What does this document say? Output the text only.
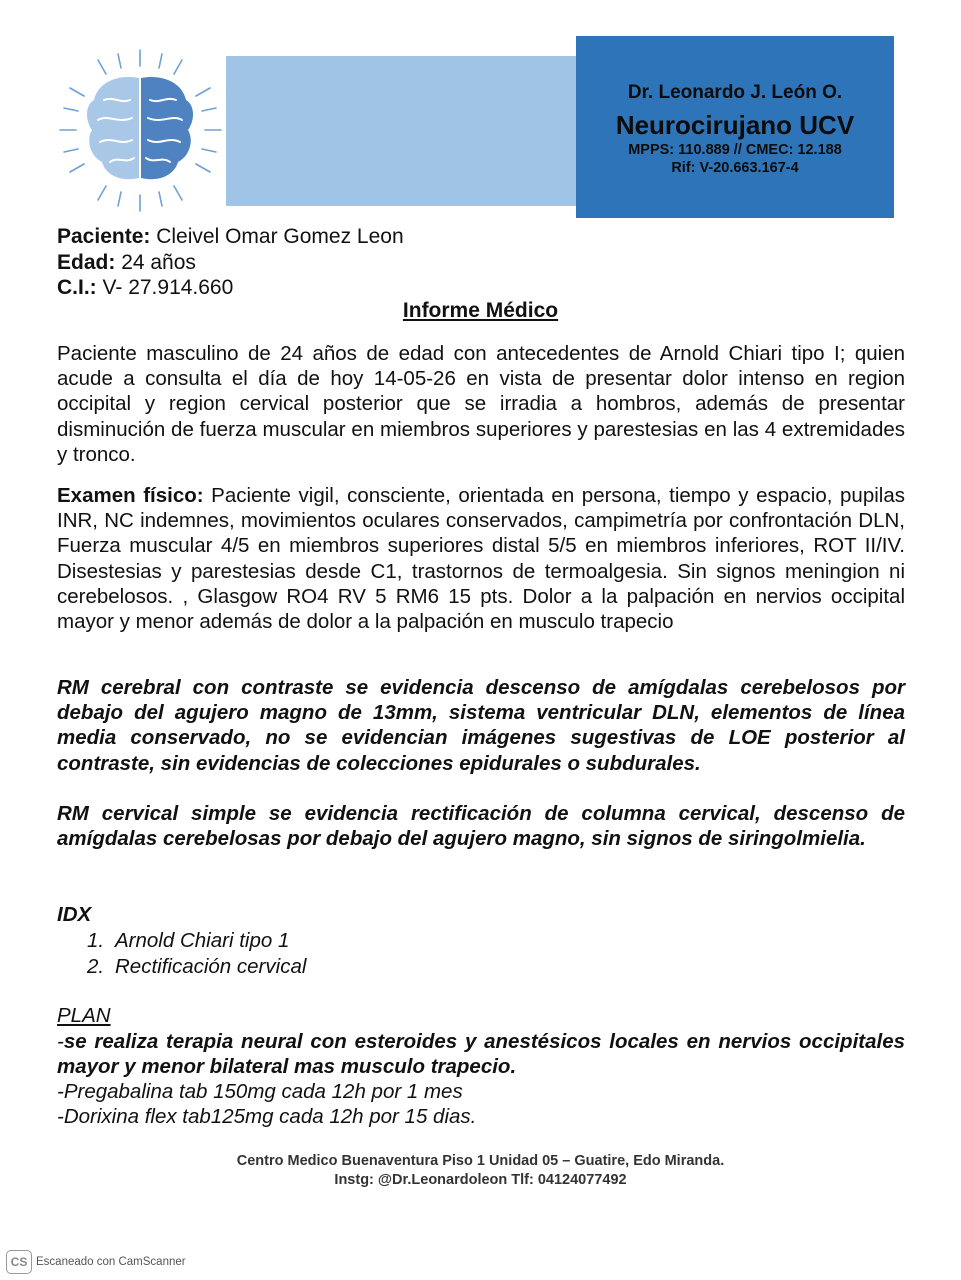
Dr. Leonardo J. León O.
Neurocirujano UCV
MPPS: 110.889 // CMEC: 12.188
Rif: V-20.663.167-4
Paciente: Cleivel Omar Gomez Leon
Edad: 24 años
C.I.: V- 27.914.660
Informe Médico

Paciente masculino de 24 años de edad con antecedentes de Arnold Chiari tipo I; quien acude a consulta el día de hoy 14-05-26 en vista de presentar dolor intenso en region occipital y region cervical posterior que se irradia a hombros, además de presentar disminución de fuerza muscular en miembros superiores y parestesias en las 4 extremidades y tronco.

Examen físico: Paciente vigil, consciente, orientada en persona, tiempo y espacio, pupilas INR, NC indemnes, movimientos oculares conservados, campimetría por confrontación DLN, Fuerza muscular 4/5 en miembros superiores distal 5/5 en miembros inferiores, ROT II/IV. Disestesias y parestesias desde C1, trastornos de termoalgesia. Sin signos meningion ni cerebelosos. , Glasgow RO4 RV 5 RM6 15 pts. Dolor a la palpación en nervios occipital mayor y menor además de dolor a la palpación en musculo trapecio

RM cerebral con contraste se evidencia descenso de amígdalas cerebelosos por debajo del agujero magno de 13mm, sistema ventricular DLN, elementos de línea media conservado, no se evidencian imágenes sugestivas de LOE posterior al contraste, sin evidencias de colecciones epidurales o subdurales.

RM cervical simple se evidencia rectificación de columna cervical, descenso de amígdalas cerebelosas por debajo del agujero magno, sin signos de siringolmielia.

IDX
1. Arnold Chiari tipo 1
2. Rectificación cervical
PLAN
-se realiza terapia neural con esteroides y anestésicos locales en nervios occipitales mayor y menor bilateral mas musculo trapecio.
-Pregabalina tab 150mg cada 12h por 1 mes
-Dorixina flex tab125mg cada 12h por 15 dias.
Centro Medico Buenaventura Piso 1 Unidad 05 – Guatire, Edo Miranda.
Instg: @Dr.Leonardoleon Tlf: 04124077492
CS Escaneado con CamScanner
